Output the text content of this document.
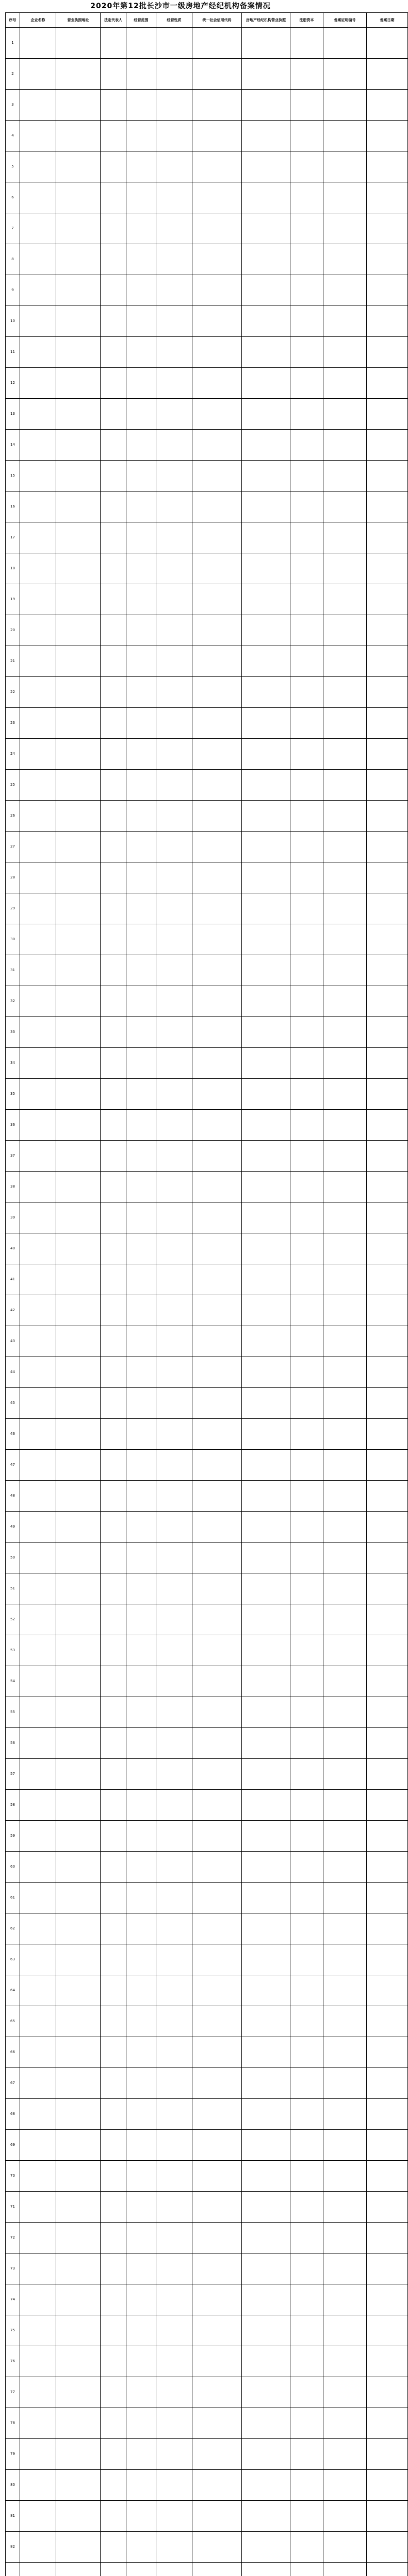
2020年第12批长沙市一级房地产经纪机构备案情况
序号	企业名称	营业执照地址	法定代表人	经营范围	经营性质	统一社会信用代码	房地产经纪机构营业执照	注册资本	备案证明编号	备案日期
1										
2										
3										
4										
5										
6										
7										
8										
9										
10										
11										
12										
13										
14										
15										
16										
17										
18										
19										
20										
21										
22										
23										
24										
25										
26										
27										
28										
29										
30										
31										
32										
33										
34										
35										
36										
37										
38										
39										
40										
41										
42										
43										
44										
45										
46										
47										
48										
49										
50										
51										
52										
53										
54										
55										
56										
57										
58										
59										
60										
61										
62										
63										
64										
65										
66										
67										
68										
69										
70										
71										
72										
73										
74										
75										
76										
77										
78										
79										
80										
81										
82										
